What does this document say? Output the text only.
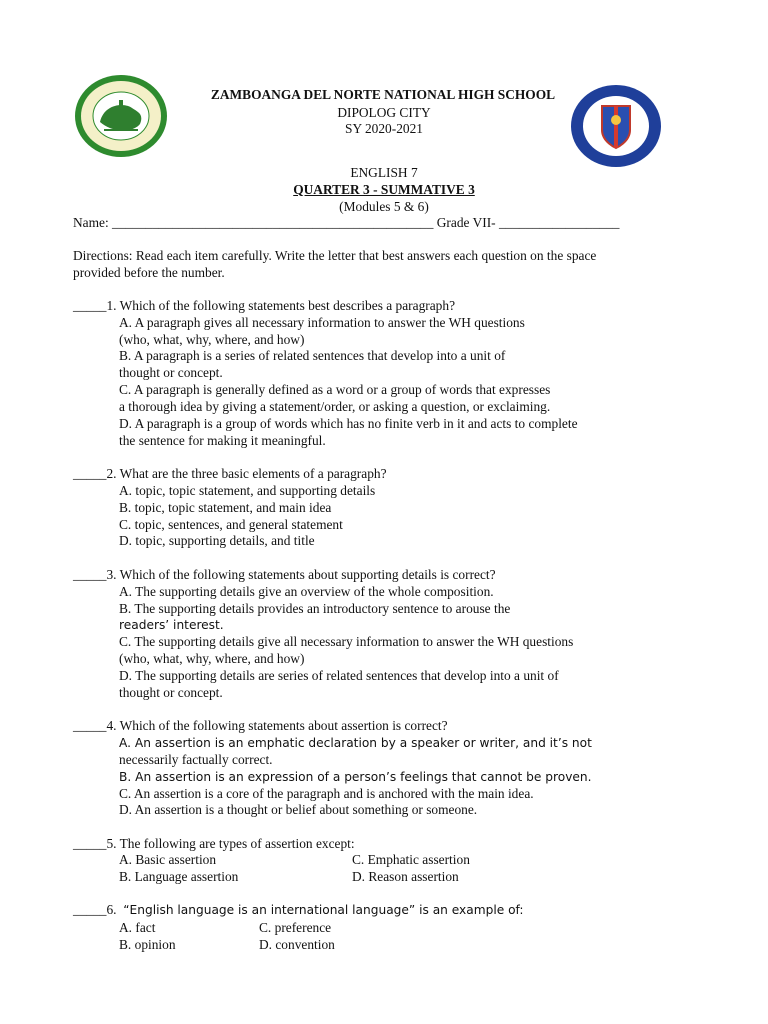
ZAMBOANGA DEL NORTE NATIONAL HIGH SCHOOL
DIPOLOG CITY
SY 2020-2021
ENGLISH 7
QUARTER 3 - SUMMATIVE 3
(Modules 5 & 6)
Name: ________________________________________________ Grade VII- __________________
Directions: Read each item carefully. Write the letter that best answers each question on the space
provided before the number.
_____1. Which of the following statements best describes a paragraph?
A. A paragraph gives all necessary information to answer the WH questions
(who, what, why, where, and how)
B. A paragraph is a series of related sentences that develop into a unit of
thought or concept.
C. A paragraph is generally defined as a word or a group of words that expresses
a thorough idea by giving a statement/order, or asking a question, or exclaiming.
D. A paragraph is a group of words which has no finite verb in it and acts to complete
the sentence for making it meaningful.
_____2. What are the three basic elements of a paragraph?
A. topic, topic statement, and supporting details
B. topic, topic statement, and main idea
C. topic, sentences, and general statement
D. topic, supporting details, and title
_____3. Which of the following statements about supporting details is correct?
A. The supporting details give an overview of the whole composition.
B. The supporting details provides an introductory sentence to arouse the
readers’ interest.
C. The supporting details give all necessary information to answer the WH questions
(who, what, why, where, and how)
D. The supporting details are series of related sentences that develop into a unit of
thought or concept.
_____4. Which of the following statements about assertion is correct?
A. An assertion is an emphatic declaration by a speaker or writer, and it’s not
necessarily factually correct.
B. An assertion is an expression of a person’s feelings that cannot be proven.
C. An assertion is a core of the paragraph and is anchored with the main idea.
D. An assertion is a thought or belief about something or someone.
_____5. The following are types of assertion except:
A. Basic assertion
B. Language assertion
C. Emphatic assertion
D. Reason assertion
_____6.  “English language is an international language” is an example of:
A. fact
B. opinion
C. preference
D. convention
